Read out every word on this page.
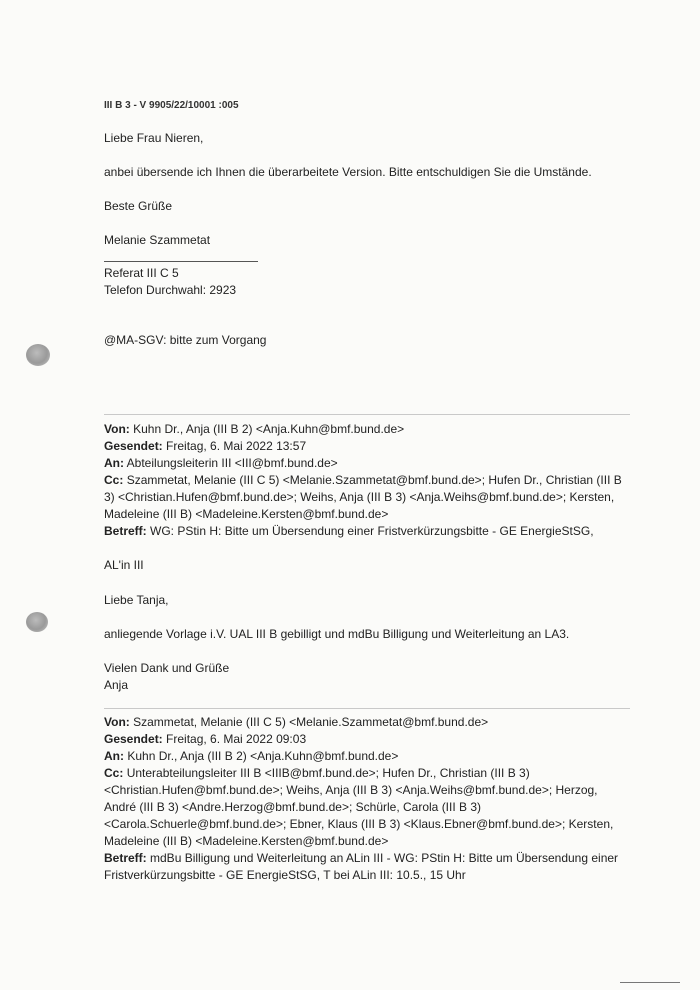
III B 3 - V 9905/22/10001 :005
Liebe Frau Nieren,
anbei übersende ich Ihnen die überarbeitete Version. Bitte entschuldigen Sie die Umstände.
Beste Grüße
Melanie Szammetat
Referat III C 5
Telefon Durchwahl: 2923
@MA-SGV: bitte zum Vorgang
Von: Kuhn Dr., Anja (III B 2) <Anja.Kuhn@bmf.bund.de>
Gesendet: Freitag, 6. Mai 2022 13:57
An: Abteilungsleiterin III <III@bmf.bund.de>
Cc: Szammetat, Melanie (III C 5) <Melanie.Szammetat@bmf.bund.de>; Hufen Dr., Christian (III B
3) <Christian.Hufen@bmf.bund.de>; Weihs, Anja (III B 3) <Anja.Weihs@bmf.bund.de>; Kersten,
Madeleine (III B) <Madeleine.Kersten@bmf.bund.de>
Betreff: WG: PStin H: Bitte um Übersendung einer Fristverkürzungsbitte - GE EnergieStSG,
AL'in III
Liebe Tanja,
anliegende Vorlage i.V. UAL III B gebilligt und mdBu Billigung und Weiterleitung an LA3.
Vielen Dank und Grüße
Anja
Von: Szammetat, Melanie (III C 5) <Melanie.Szammetat@bmf.bund.de>
Gesendet: Freitag, 6. Mai 2022 09:03
An: Kuhn Dr., Anja (III B 2) <Anja.Kuhn@bmf.bund.de>
Cc: Unterabteilungsleiter III B <IIIB@bmf.bund.de>; Hufen Dr., Christian (III B 3)
<Christian.Hufen@bmf.bund.de>; Weihs, Anja (III B 3) <Anja.Weihs@bmf.bund.de>; Herzog,
André (III B 3) <Andre.Herzog@bmf.bund.de>; Schürle, Carola (III B 3)
<Carola.Schuerle@bmf.bund.de>; Ebner, Klaus (III B 3) <Klaus.Ebner@bmf.bund.de>; Kersten,
Madeleine (III B) <Madeleine.Kersten@bmf.bund.de>
Betreff: mdBu Billigung und Weiterleitung an ALin III - WG: PStin H: Bitte um Übersendung einer
Fristverkürzungsbitte - GE EnergieStSG, T bei ALin III: 10.5., 15 Uhr
